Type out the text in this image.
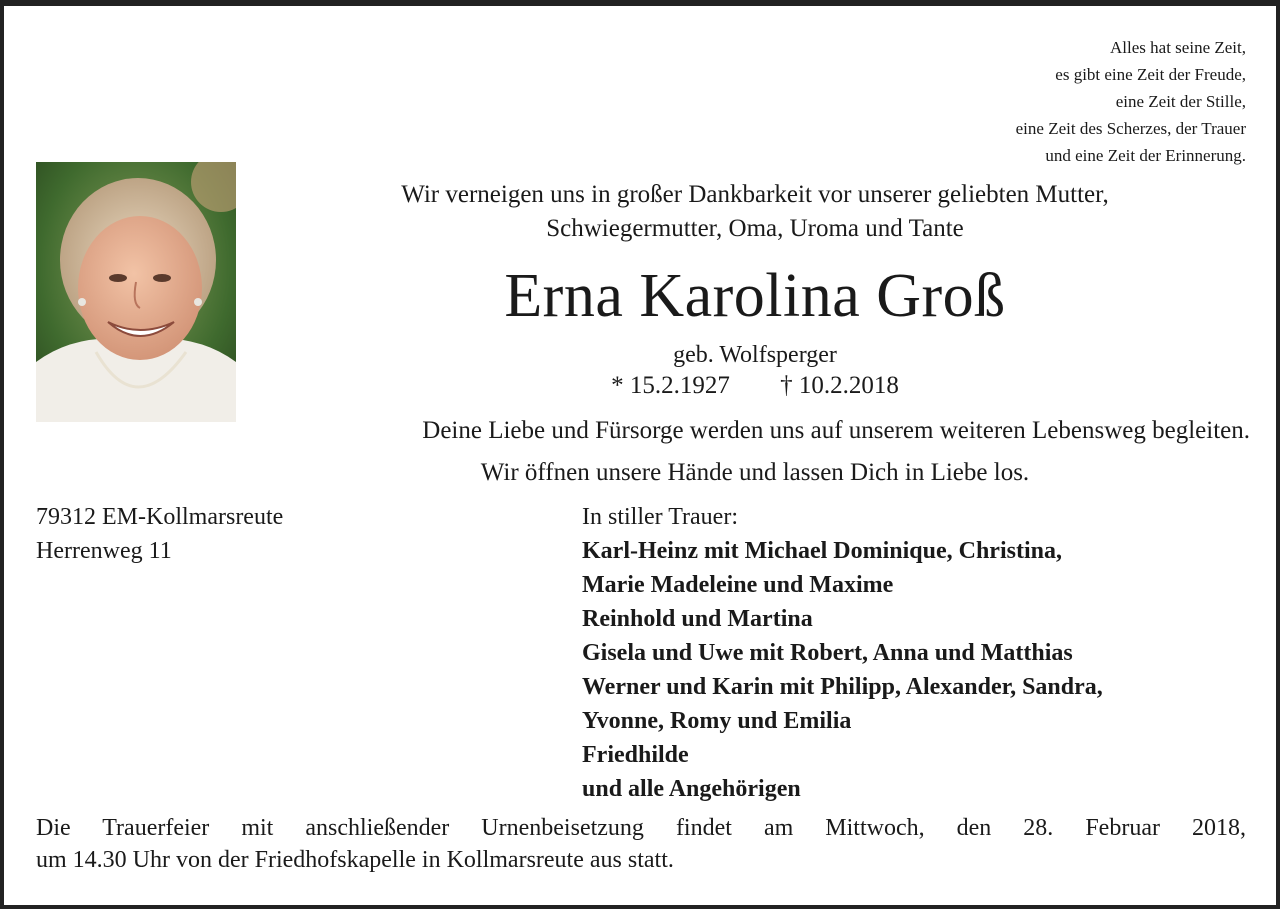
Alles hat seine Zeit,
es gibt eine Zeit der Freude,
eine Zeit der Stille,
eine Zeit des Scherzes, der Trauer
und eine Zeit der Erinnerung.
Wir verneigen uns in großer Dankbarkeit vor unserer geliebten Mutter,
Schwiegermutter, Oma, Uroma und Tante
Erna Karolina Groß
geb. Wolfsperger
* 15.2.1927 † 10.2.2018
Deine Liebe und Fürsorge werden uns auf unserem weiteren Lebensweg begleiten.
Wir öffnen unsere Hände und lassen Dich in Liebe los.
79312 EM-Kollmarsreute
Herrenweg 11
In stiller Trauer:
Karl-Heinz mit Michael Dominique, Christina,
Marie Madeleine und Maxime
Reinhold und Martina
Gisela und Uwe mit Robert, Anna und Matthias
Werner und Karin mit Philipp, Alexander, Sandra,
Yvonne, Romy und Emilia
Friedhilde
und alle Angehörigen
Die Trauerfeier mit anschließender Urnenbeisetzung findet am Mittwoch, den 28. Februar 2018,
um 14.30 Uhr von der Friedhofskapelle in Kollmarsreute aus statt.
